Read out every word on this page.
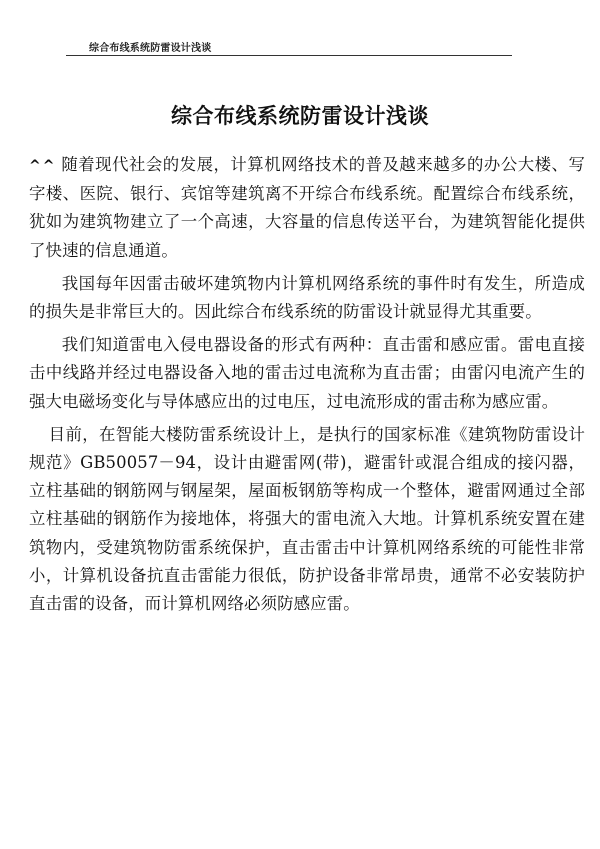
综合布线系统防雷设计浅谈
综合布线系统防雷设计浅谈

^^ 随着现代社会的发展，计算机网络技术的普及越来越多的办公大楼、写字楼、医院、银行、宾馆等建筑离不开综合布线系统。配置综合布线系统，犹如为建筑物建立了一个高速，大容量的信息传送平台，为建筑智能化提供了快速的信息通道。

我国每年因雷击破坏建筑物内计算机网络系统的事件时有发生，所造成的损失是非常巨大的。因此综合布线系统的防雷设计就显得尤其重要。

我们知道雷电入侵电器设备的形式有两种：直击雷和感应雷。雷电直接击中线路并经过电器设备入地的雷击过电流称为直击雷；由雷闪电流产生的强大电磁场变化与导体感应出的过电压，过电流形成的雷击称为感应雷。

目前，在智能大楼防雷系统设计上，是执行的国家标准《建筑物防雷设计规范》GB50057－94，设计由避雷网(带)，避雷针或混合组成的接闪器，立柱基础的钢筋网与钢屋架，屋面板钢筋等构成一个整体，避雷网通过全部立柱基础的钢筋作为接地体，将强大的雷电流入大地。计算机系统安置在建筑物内，受建筑物防雷系统保护，直击雷击中计算机网络系统的可能性非常小，计算机设备抗直击雷能力很低，防护设备非常昂贵，通常不必安装防护直击雷的设备，而计算机网络必须防感应雷。
